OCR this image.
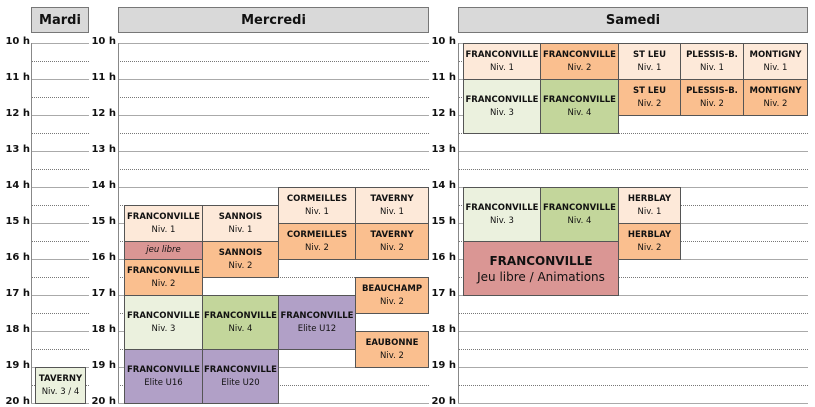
Mardi
10 h
11 h
12 h
13 h
14 h
15 h
16 h
17 h
18 h
19 h
20 h
Mercredi
10 h
11 h
12 h
13 h
14 h
15 h
16 h
17 h
18 h
19 h
20 h
Samedi
10 h
11 h
12 h
13 h
14 h
15 h
16 h
17 h
18 h
19 h
20 h
TAVERNY
Niv. 3 / 4
FRANCONVILLE
Niv. 1
SANNOIS
Niv. 1
jeu libre	SANNOIS
Niv. 2
FRANCONVILLE
Niv. 2
CORMEILLES
Niv. 1
TAVERNY
Niv. 1
CORMEILLES
Niv. 2
TAVERNY
Niv. 2
BEAUCHAMP
Niv. 2
EAUBONNE
Niv. 2
FRANCONVILLE
Niv. 3
FRANCONVILLE
Niv. 4
FRANCONVILLE
Elite U12
FRANCONVILLE
Elite U16
FRANCONVILLE
Elite U20
FRANCONVILLE
Niv. 1
FRANCONVILLE
Niv. 2
ST LEU
Niv. 1
PLESSIS-B.
Niv. 1
MONTIGNY
Niv. 1
FRANCONVILLE
Niv. 3
FRANCONVILLE
Niv. 4
ST LEU
Niv. 2
PLESSIS-B.
Niv. 2
MONTIGNY
Niv. 2
FRANCONVILLE
Niv. 3
FRANCONVILLE
Niv. 4
HERBLAY
Niv. 1
HERBLAY
Niv. 2
FRANCONVILLE
Jeu libre / Animations
